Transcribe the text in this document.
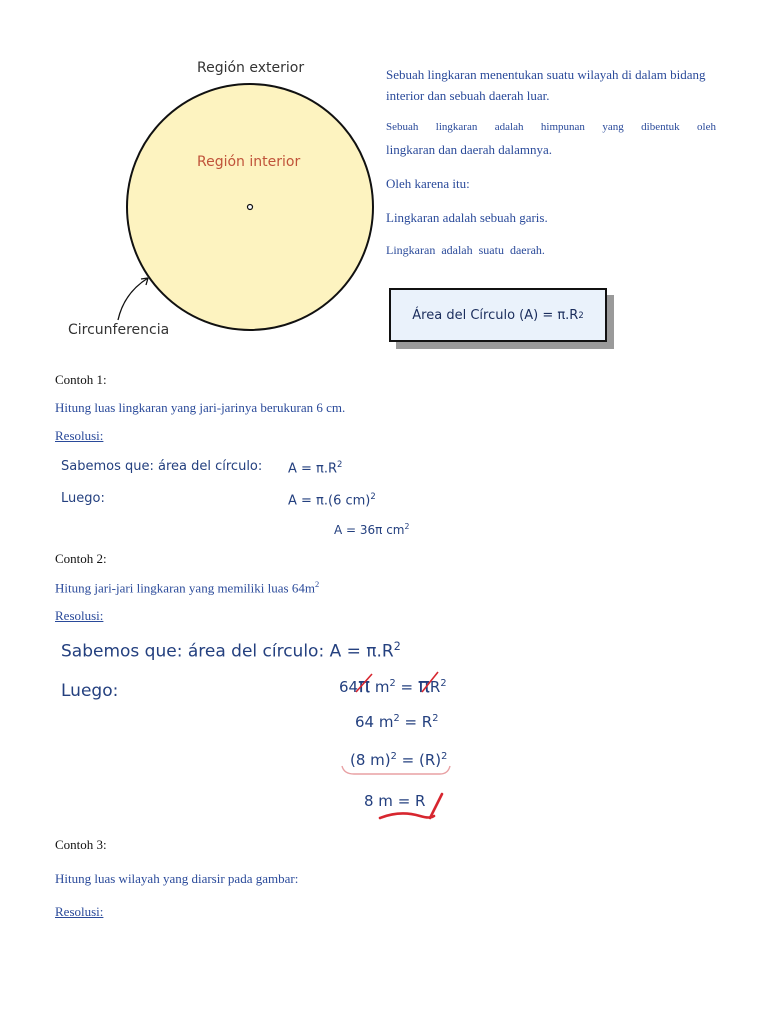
Región exterior
Región interior
Circunferencia
Sebuah lingkaran menentukan suatu wilayah di dalam bidang
interior dan sebuah daerah luar.
Sebuah lingkaran adalah himpunan yang dibentuk oleh
lingkaran dan daerah dalamnya.
Oleh karena itu:
Lingkaran adalah sebuah garis.
Lingkaran adalah suatu daerah.
Área del Círculo (A) = π.R 2
Contoh 1:
Hitung luas lingkaran yang jari-jarinya berukuran 6 cm.
Resolusi:
Sabemos que: área del círculo: $A = \pi.R^2$
Luego:	A = π.(6 cm)$^2$
A = 36π $cm^2$
Contoh 2:
Hitung jari-jari lingkaran yang memiliki luas $64m^2$
Resolusi:
Sabemos que: área del círculo: $A = \pi.R^2$
Luego:	64π $m^2 = \pi R^2$
64 $m^2 = R^2$
(8 $m)^2 = (R)^2$
8 m = R
Contoh 3:
Hitung luas wilayah yang diarsir pada gambar:
Resolusi:
